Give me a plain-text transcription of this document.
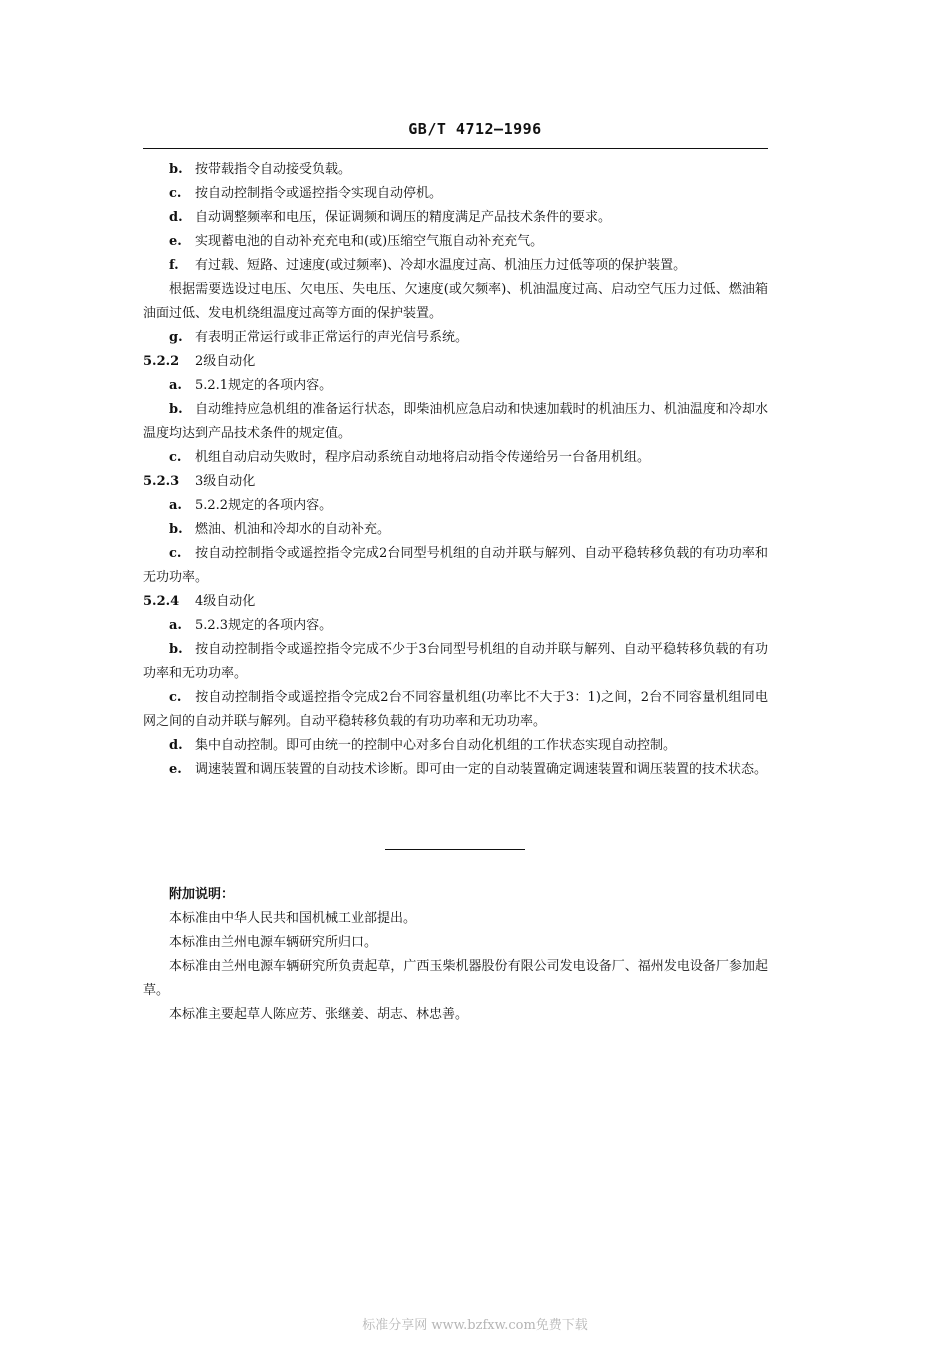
GB/T 4712—1996

b. 按带载指令自动接受负载。

c. 按自动控制指令或遥控指令实现自动停机。

d. 自动调整频率和电压，保证调频和调压的精度满足产品技术条件的要求。

e. 实现蓄电池的自动补充充电和(或)压缩空气瓶自动补充充气。

f. 有过载、短路、过速度(或过频率)、冷却水温度过高、机油压力过低等项的保护装置。

根据需要选设过电压、欠电压、失电压、欠速度(或欠频率)、机油温度过高、启动空气压力过低、燃油箱油面过低、发电机绕组温度过高等方面的保护装置。

g. 有表明正常运行或非正常运行的声光信号系统。

5.2.2 2级自动化

a. 5.2.1规定的各项内容。

b. 自动维持应急机组的准备运行状态，即柴油机应急启动和快速加载时的机油压力、机油温度和冷却水温度均达到产品技术条件的规定值。

c. 机组自动启动失败时，程序启动系统自动地将启动指令传递给另一台备用机组。

5.2.3 3级自动化

a. 5.2.2规定的各项内容。

b. 燃油、机油和冷却水的自动补充。

c. 按自动控制指令或遥控指令完成2台同型号机组的自动并联与解列、自动平稳转移负载的有功功率和无功功率。

5.2.4 4级自动化

a. 5.2.3规定的各项内容。

b. 按自动控制指令或遥控指令完成不少于3台同型号机组的自动并联与解列、自动平稳转移负载的有功功率和无功功率。

c. 按自动控制指令或遥控指令完成2台不同容量机组(功率比不大于3：1)之间，2台不同容量机组同电网之间的自动并联与解列。自动平稳转移负载的有功功率和无功功率。

d. 集中自动控制。即可由统一的控制中心对多台自动化机组的工作状态实现自动控制。

e. 调速装置和调压装置的自动技术诊断。即可由一定的自动装置确定调速装置和调压装置的技术状态。

附加说明：

本标准由中华人民共和国机械工业部提出。

本标准由兰州电源车辆研究所归口。

本标准由兰州电源车辆研究所负责起草，广西玉柴机器股份有限公司发电设备厂、福州发电设备厂参加起草。

本标准主要起草人陈应芳、张继姜、胡志、林忠善。

标准分享网 www.bzfxw.com免费下载
